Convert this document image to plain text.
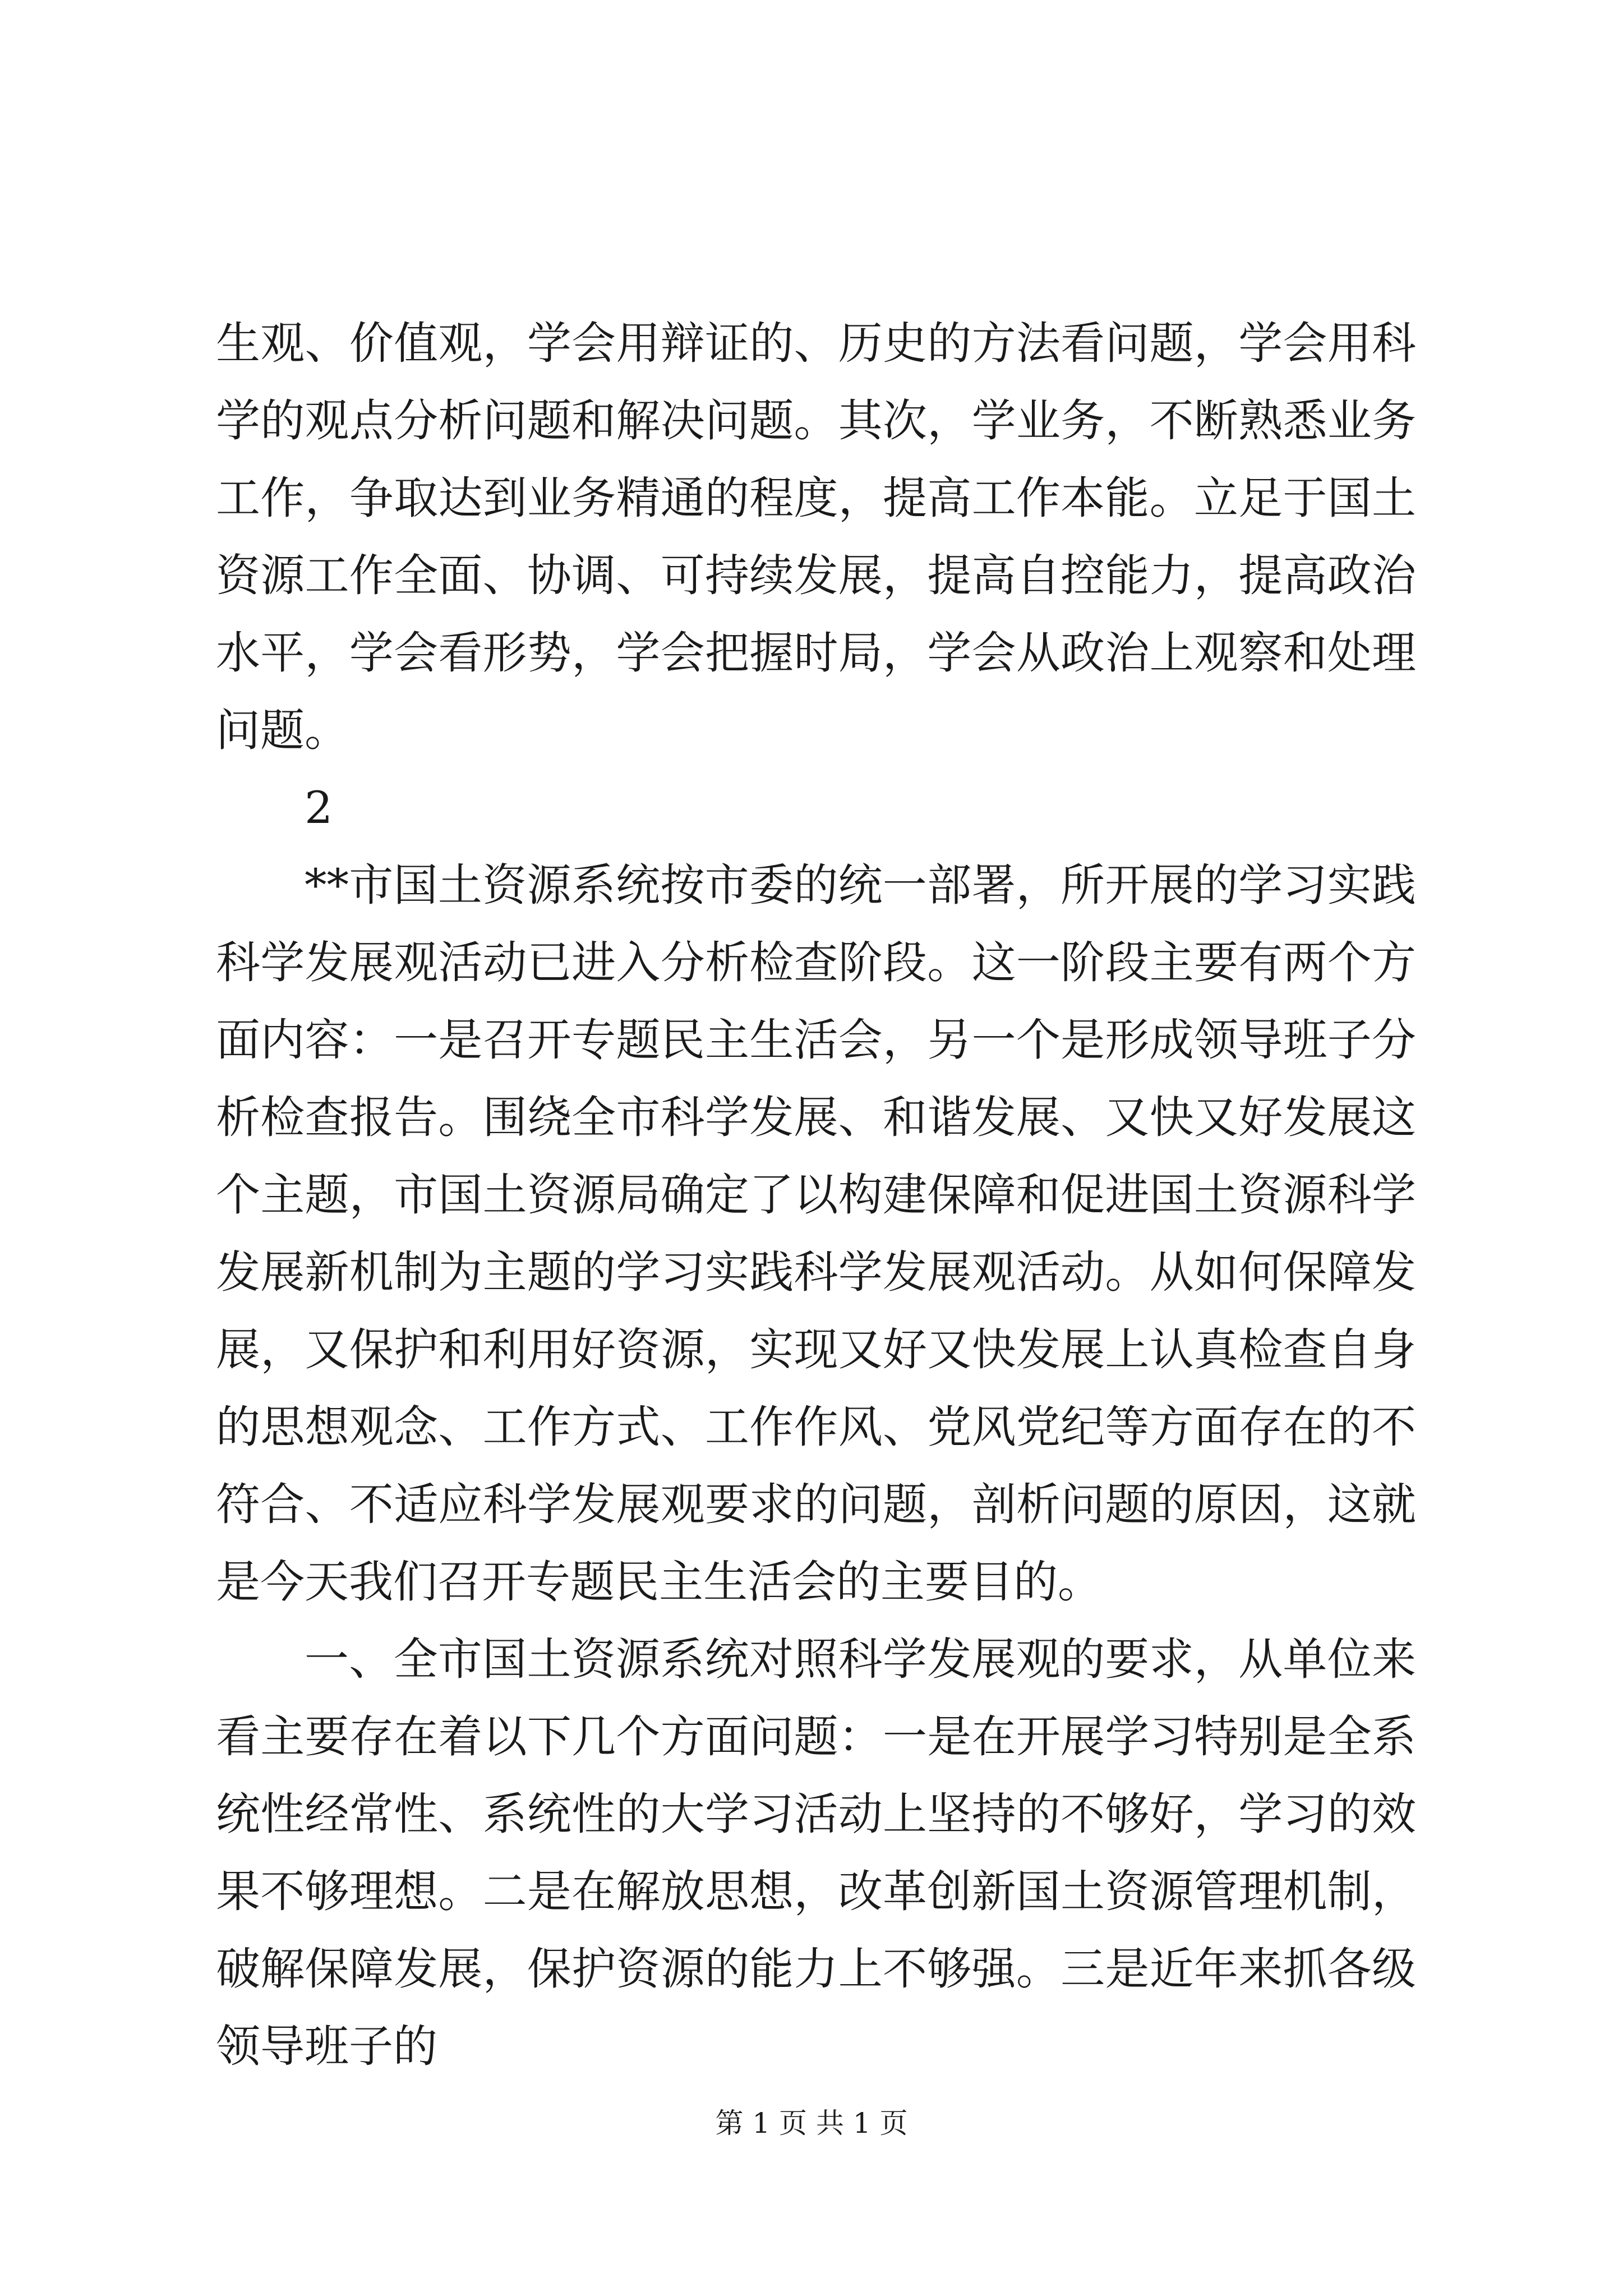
生观、价值观，学会用辩证的、历史的方法看问题，学会用科学的观点分析问题和解决问题。其次，学业务，不断熟悉业务工作，争取达到业务精通的程度，提高工作本能。立足于国土资源工作全面、协调、可持续发展，提高自控能力，提高政治水平，学会看形势，学会把握时局，学会从政治上观察和处理问题。

2

**市国土资源系统按市委的统一部署，所开展的学习实践科学发展观活动已进入分析检查阶段。这一阶段主要有两个方面内容：一是召开专题民主生活会，另一个是形成领导班子分析检查报告。围绕全市科学发展、和谐发展、又快又好发展这个主题，市国土资源局确定了以构建保障和促进国土资源科学发展新机制为主题的学习实践科学发展观活动。从如何保障发展，又保护和利用好资源，实现又好又快发展上认真检查自身的思想观念、工作方式、工作作风、党风党纪等方面存在的不符合、不适应科学发展观要求的问题，剖析问题的原因，这就是今天我们召开专题民主生活会的主要目的。

一、全市国土资源系统对照科学发展观的要求，从单位来看主要存在着以下几个方面问题：一是在开展学习特别是全系统性经常性、系统性的大学习活动上坚持的不够好，学习的效果不够理想。二是在解放思想，改革创新国土资源管理机制，破解保障发展，保护资源的能力上不够强。三是近年来抓各级领导班子的

第 1 页 共 1 页
